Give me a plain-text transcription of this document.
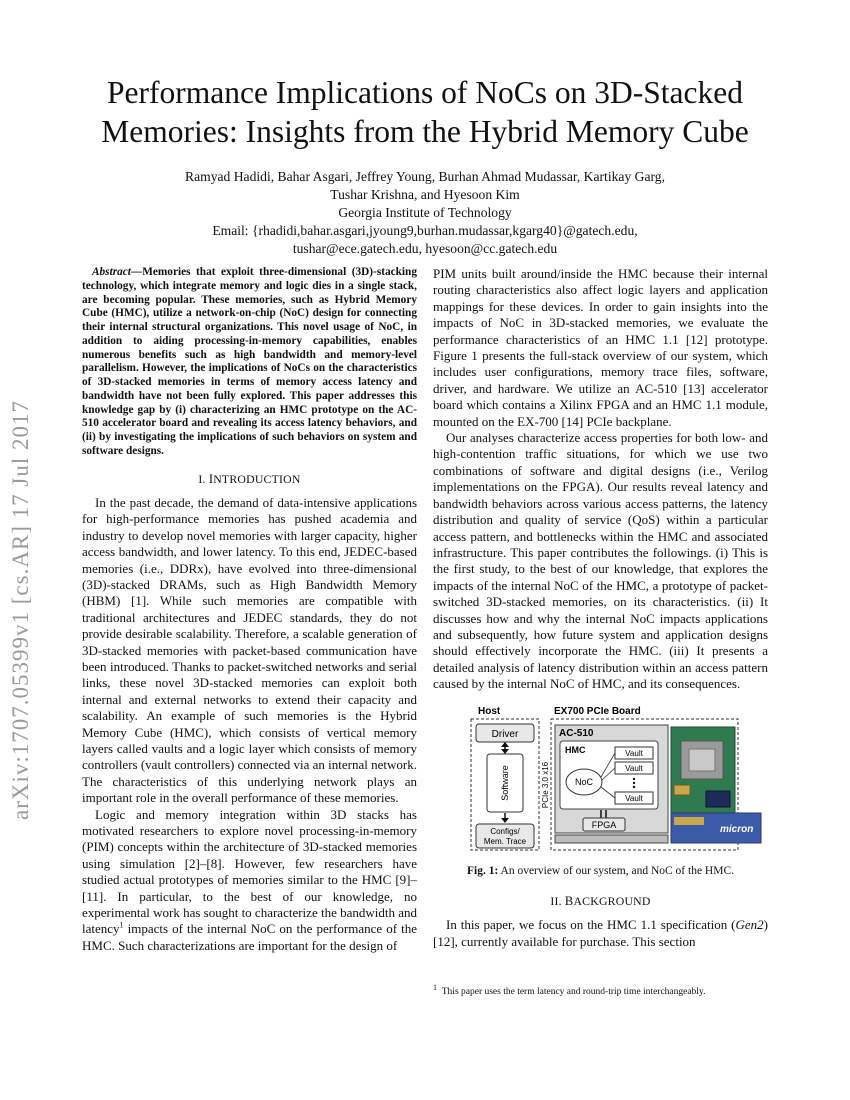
arXiv:1707.05399v1 [cs.AR] 17 Jul 2017
Performance Implications of NoCs on 3D-Stacked
Memories: Insights from the Hybrid Memory Cube
Ramyad Hadidi, Bahar Asgari, Jeffrey Young, Burhan Ahmad Mudassar, Kartikay Garg,
Tushar Krishna, and Hyesoon Kim
Georgia Institute of Technology
Email: {rhadidi,bahar.asgari,jyoung9,burhan.mudassar,kgarg40}@gatech.edu,
tushar@ece.gatech.edu, hyesoon@cc.gatech.edu

Abstract—Memories that exploit three-dimensional (3D)-stacking technology, which integrate memory and logic dies in a single stack, are becoming popular. These memories, such as Hybrid Memory Cube (HMC), utilize a network-on-chip (NoC) design for connecting their internal structural organizations. This novel usage of NoC, in addition to aiding processing-in-memory capabilities, enables numerous benefits such as high bandwidth and memory-level parallelism. However, the implications of NoCs on the characteristics of 3D-stacked memories in terms of memory access latency and bandwidth have not been fully explored. This paper addresses this knowledge gap by (i) characterizing an HMC prototype on the AC-510 accelerator board and revealing its access latency behaviors, and (ii) by investigating the implications of such behaviors on system and software designs.

I. INTRODUCTION

In the past decade, the demand of data-intensive applications for high-performance memories has pushed academia and industry to develop novel memories with larger capacity, higher access bandwidth, and lower latency. To this end, JEDEC-based memories (i.e., DDRx), have evolved into three-dimensional (3D)-stacked DRAMs, such as High Bandwidth Memory (HBM) [1]. While such memories are compatible with traditional architectures and JEDEC standards, they do not provide desirable scalability. Therefore, a scalable generation of 3D-stacked memories with packet-based communication have been introduced. Thanks to packet-switched networks and serial links, these novel 3D-stacked memories can exploit both internal and external networks to extend their capacity and scalability. An example of such memories is the Hybrid Memory Cube (HMC), which consists of vertical memory layers called vaults and a logic layer which consists of memory controllers (vault controllers) connected via an internal network. The characteristics of this underlying network plays an important role in the overall performance of these memories.

Logic and memory integration within 3D stacks has motivated researchers to explore novel processing-in-memory (PIM) concepts within the architecture of 3D-stacked memories using simulation [2]–[8]. However, few researchers have studied actual prototypes of memories similar to the HMC [9]–[11]. In particular, to the best of our knowledge, no experimental work has sought to characterize the bandwidth and latency$^1$ impacts of the internal NoC on the performance of the HMC. Such characterizations are important for the design of

PIM units built around/inside the HMC because their internal routing characteristics also affect logic layers and application mappings for these devices. In order to gain insights into the impacts of NoC in 3D-stacked memories, we evaluate the performance characteristics of an HMC 1.1 [12] prototype. Figure 1 presents the full-stack overview of our system, which includes user configurations, memory trace files, software, driver, and hardware. We utilize an AC-510 [13] accelerator board which contains a Xilinx FPGA and an HMC 1.1 module, mounted on the EX-700 [14] PCIe backplane.

Our analyses characterize access properties for both low- and high-contention traffic situations, for which we use two combinations of software and digital designs (i.e., Verilog implementations on the FPGA). Our results reveal latency and bandwidth behaviors across various access patterns, the latency distribution and quality of service (QoS) within a particular access pattern, and bottlenecks within the HMC and associated infrastructure. This paper contributes the followings. (i) This is the first study, to the best of our knowledge, that explores the impacts of the internal NoC of the HMC, a prototype of packet-switched 3D-stacked memories, on its characteristics. (ii) It discusses how and why the internal NoC impacts applications and subsequently, how future system and application designs should effectively incorporate the HMC. (iii) It presents a detailed analysis of latency distribution within an access pattern caused by the internal NoC of HMC, and its consequences.

Host	EX700 PCIe Board
Driver
Software
Configs/
Mem. Trace
PCIe 3.0 x16
AC-510
HMC
NoC
Vault
Vault
Vault
FPGA	micron
Fig. 1: An overview of our system, and NoC of the HMC.
II. BACKGROUND

In this paper, we focus on the HMC 1.1 specification (Gen2) [12], currently available for purchase. This section

$^1$ This paper uses the term latency and round-trip time interchangeably.
